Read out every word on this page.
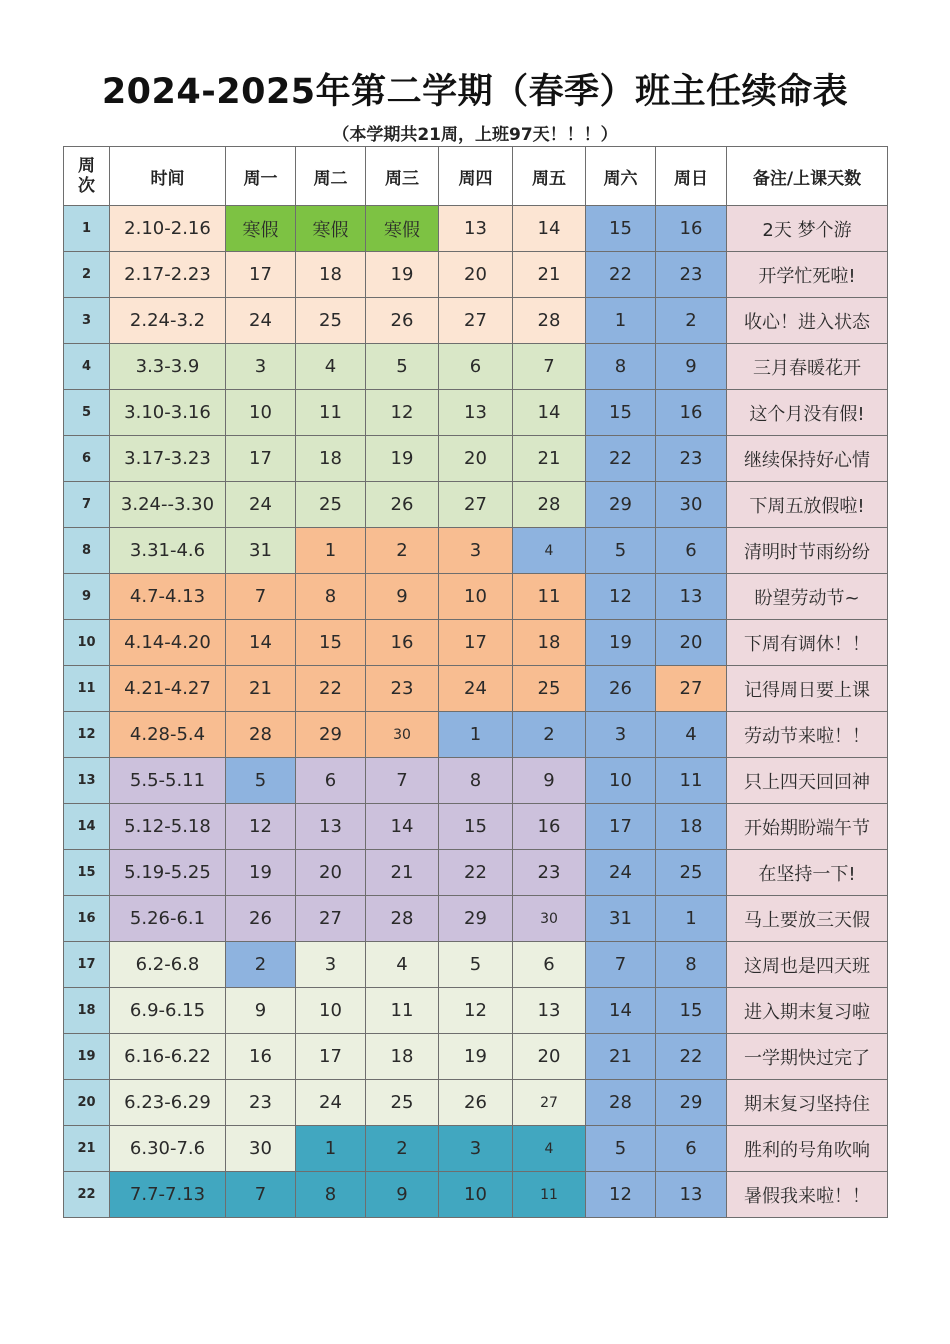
2024-2025年第二学期（春季）班主任续命表
（本学期共21周，上班97天！！！）
周
次	时间	周一	周二	周三	周四	周五	周六	周日	备注/上课天数
1	2.10-2.16	寒假	寒假	寒假	13	14	15	16	2天 梦个游
2	2.17-2.23	17	18	19	20	21	22	23	开学忙死啦!
3	2.24-3.2	24	25	26	27	28	1	2	收心！进入状态
4	3.3-3.9	3	4	5	6	7	8	9	三月春暖花开
5	3.10-3.16	10	11	12	13	14	15	16	这个月没有假!
6	3.17-3.23	17	18	19	20	21	22	23	继续保持好心情
7	3.24--3.30	24	25	26	27	28	29	30	下周五放假啦!
8	3.31-4.6	31	1	2	3	4	5	6	清明时节雨纷纷
9	4.7-4.13	7	8	9	10	11	12	13	盼望劳动节~
10	4.14-4.20	14	15	16	17	18	19	20	下周有调休！！
11	4.21-4.27	21	22	23	24	25	26	27	记得周日要上课
12	4.28-5.4	28	29	30	1	2	3	4	劳动节来啦！！
13	5.5-5.11	5	6	7	8	9	10	11	只上四天回回神
14	5.12-5.18	12	13	14	15	16	17	18	开始期盼端午节
15	5.19-5.25	19	20	21	22	23	24	25	在坚持一下!
16	5.26-6.1	26	27	28	29	30	31	1	马上要放三天假
17	6.2-6.8	2	3	4	5	6	7	8	这周也是四天班
18	6.9-6.15	9	10	11	12	13	14	15	进入期末复习啦
19	6.16-6.22	16	17	18	19	20	21	22	一学期快过完了
20	6.23-6.29	23	24	25	26	27	28	29	期末复习坚持住
21	6.30-7.6	30	1	2	3	4	5	6	胜利的号角吹响
22	7.7-7.13	7	8	9	10	11	12	13	暑假我来啦！！
